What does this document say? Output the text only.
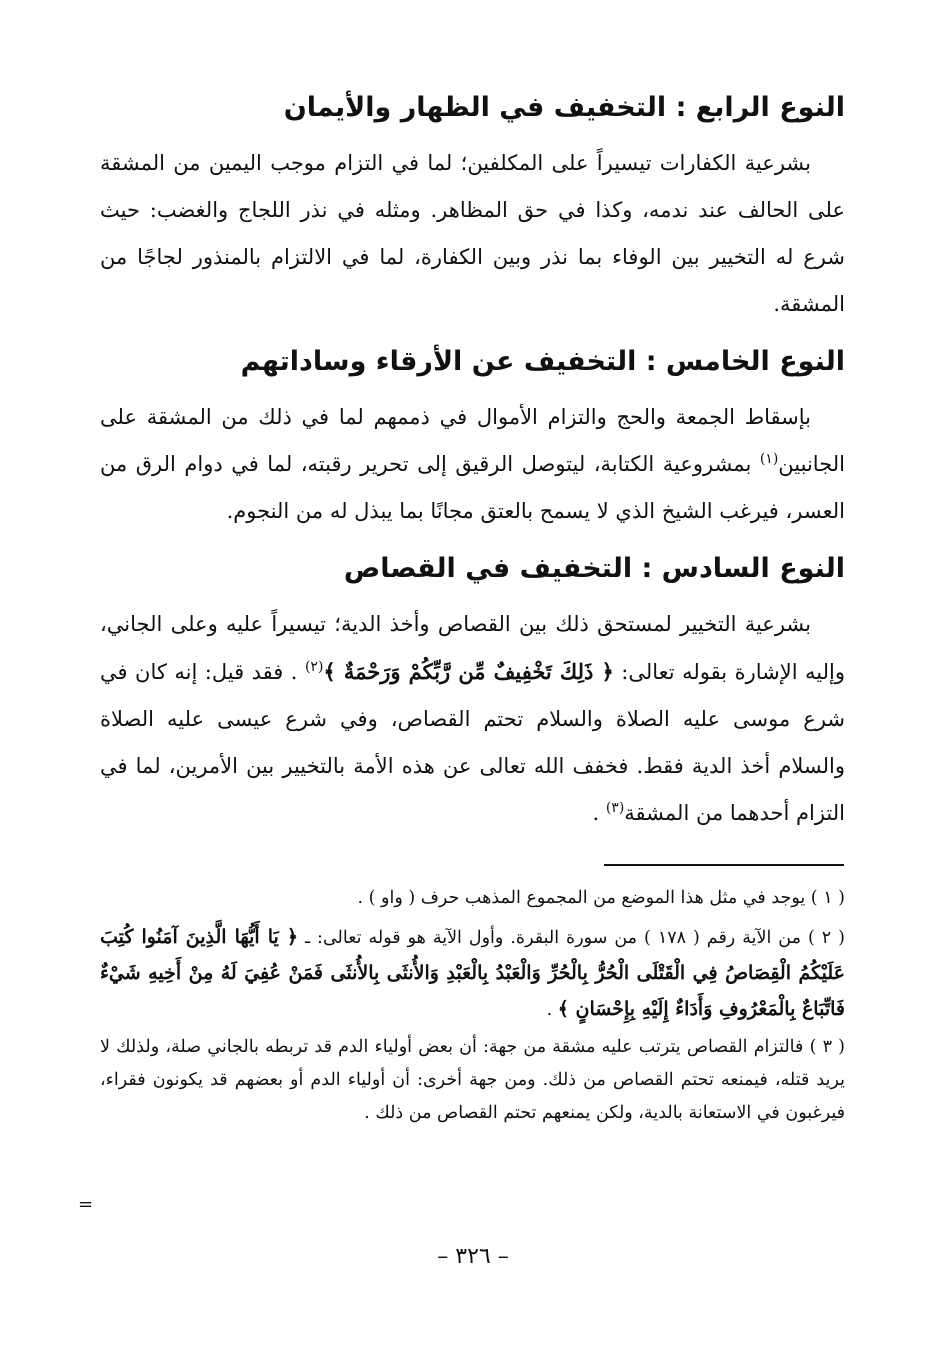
النوع الرابع : التخفيف في الظهار والأيمان

بشرعية الكفارات تيسيراً على المكلفين؛ لما في التزام موجب اليمين من المشقة على الحالف عند ندمه، وكذا في حق المظاهر. ومثله في نذر اللجاج والغضب: حيث شرع له التخيير بين الوفاء بما نذر وبين الكفارة، لما في الالتزام بالمنذور لجاجًا من المشقة.

النوع الخامس : التخفيف عن الأرقاء وساداتهم

بإسقاط الجمعة والحج والتزام الأموال في ذممهم لما في ذلك من المشقة على الجانبين$^{(١)}$ بمشروعية الكتابة، ليتوصل الرقيق إلى تحرير رقبته، لما في دوام الرق من العسر، فيرغب الشيخ الذي لا يسمح بالعتق مجانًا بما يبذل له من النجوم.

النوع السادس : التخفيف في القصاص

بشرعية التخيير لمستحق ذلك بين القصاص وأخذ الدية؛ تيسيراً عليه وعلى الجاني، وإليه الإشارة بقوله تعالى: ﴿ ذَلِكَ تَخْفِيفٌ مِّن رَّبِّكُمْ وَرَحْمَةٌ ﴾$^{(٢)}$ . فقد قيل: إنه كان في شرع موسى عليه الصلاة والسلام تحتم القصاص، وفي شرع عيسى عليه الصلاة والسلام أخذ الدية فقط. فخفف الله تعالى عن هذه الأمة بالتخيير بين الأمرين، لما في التزام أحدهما من المشقة$^{(٣)}$ .

( ١ ) يوجد في مثل هذا الموضع من المجموع المذهب حرف ( واو ) .

( ٢ ) من الآية رقم ( ١٧٨ ) من سورة البقرة. وأول الآية هو قوله تعالى: ـ ﴿ يَا أَيُّهَا الَّذِينَ آمَنُوا كُتِبَ عَلَيْكُمُ الْقِصَاصُ فِي الْقَتْلَى الْحُرُّ بِالْحُرِّ وَالْعَبْدُ بِالْعَبْدِ وَالأُنثَى بِالأُنثَى فَمَنْ عُفِيَ لَهُ مِنْ أَخِيهِ شَيْءٌ فَاتِّبَاعٌ بِالْمَعْرُوفِ وَأَدَاءٌ إِلَيْهِ بِإِحْسَانٍ ﴾ .

( ٣ ) فالتزام القصاص يترتب عليه مشقة من جهة: أن بعض أولياء الدم قد تربطه بالجاني صلة، ولذلك لا يريد قتله، فيمنعه تحتم القصاص من ذلك. ومن جهة أخرى: أن أولياء الدم أو بعضهم قد يكونون فقراء، فيرغبون في الاستعانة بالدية، ولكن يمنعهم تحتم القصاص من ذلك .

=
– ٣٢٦ –
